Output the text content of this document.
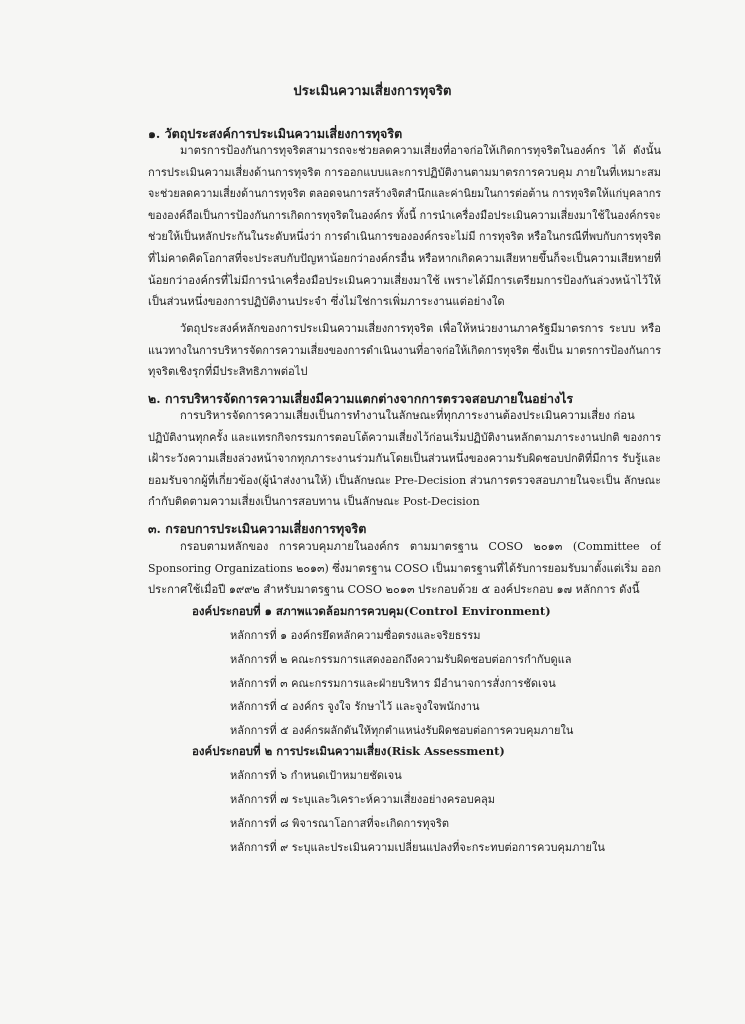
ประเมินความเสี่ยงการทุจริต
๑. วัตถุประสงค์การประเมินความเสี่ยงการทุจริต
มาตรการป้องกันการทุจริตสามารถจะช่วยลดความเสี่ยงที่อาจก่อให้เกิดการทุจริตในองค์กร ได้ ดังนั้น
การประเมินความเสี่ยงด้านการทุจริต การออกแบบและการปฏิบัติงานตามมาตรการควบคุม ภายในที่เหมาะสม
จะช่วยลดความเสี่ยงด้านการทุจริต ตลอดจนการสร้างจิตสำนึกและค่านิยมในการต่อต้าน การทุจริตให้แก่บุคลากร
ขององค์ถือเป็นการป้องกันการเกิดการทุจริตในองค์กร ทั้งนี้ การนำเครื่องมือประเมินความเสี่ยงมาใช้ในองค์กรจะ
ช่วยให้เป็นหลักประกันในระดับหนึ่งว่า การดำเนินการขององค์กรจะไม่มี การทุจริต หรือในกรณีที่พบกับการทุจริต
ที่ไม่คาดคิดโอกาสที่จะประสบกับปัญหาน้อยกว่าองค์กรอื่น หรือหากเกิดความเสียหายขึ้นก็จะเป็นความเสียหายที่
น้อยกว่าองค์กรที่ไม่มีการนำเครื่องมือประเมินความเสี่ยงมาใช้ เพราะได้มีการเตรียมการป้องกันล่วงหน้าไว้ให้
เป็นส่วนหนึ่งของการปฏิบัติงานประจำ ซึ่งไม่ใช่การเพิ่มภาระงานแต่อย่างใด
วัตถุประสงค์หลักของการประเมินความเสี่ยงการทุจริต เพื่อให้หน่วยงานภาครัฐมีมาตรการ ระบบ หรือ
แนวทางในการบริหารจัดการความเสี่ยงของการดำเนินงานที่อาจก่อให้เกิดการทุจริต ซึ่งเป็น มาตรการป้องกันการ
ทุจริตเชิงรุกที่มีประสิทธิภาพต่อไป
๒. การบริหารจัดการความเสี่ยงมีความแตกต่างจากการตรวจสอบภายในอย่างไร
การบริหารจัดการความเสี่ยงเป็นการทำงานในลักษณะที่ทุกภาระงานต้องประเมินความเสี่ยง ก่อน
ปฏิบัติงานทุกครั้ง และแทรกกิจกรรมการตอบโต้ความเสี่ยงไว้ก่อนเริ่มปฏิบัติงานหลักตามภาระงานปกติ ของการ
เฝ้าระวังความเสี่ยงล่วงหน้าจากทุกภาระงานร่วมกันโดยเป็นส่วนหนึ่งของความรับผิดชอบปกติที่มีการ รับรู้และ
ยอมรับจากผู้ที่เกี่ยวข้อง(ผู้นำส่งงานให้) เป็นลักษณะ Pre-Decision ส่วนการตรวจสอบภายในจะเป็น ลักษณะ
กำกับติดตามความเสี่ยงเป็นการสอบทาน เป็นลักษณะ Post-Decision
๓. กรอบการประเมินความเสี่ยงการทุจริต
กรอบตามหลักของ การควบคุมภายในองค์กร ตามมาตรฐาน COSO ๒๐๑๓ (Committee of
Sponsoring Organizations ๒๐๑๓) ซึ่งมาตรฐาน COSO เป็นมาตรฐานที่ได้รับการยอมรับมาตั้งแต่เริ่ม ออก
ประกาศใช้เมื่อปี ๑๙๙๒ สำหรับมาตรฐาน COSO ๒๐๑๓ ประกอบด้วย ๕ องค์ประกอบ ๑๗ หลักการ ดังนี้
องค์ประกอบที่ ๑ สภาพแวดล้อมการควบคุม(Control Environment)
หลักการที่ ๑ องค์กรยึดหลักความซื่อตรงและจริยธรรม
หลักการที่ ๒ คณะกรรมการแสดงออกถึงความรับผิดชอบต่อการกำกับดูแล
หลักการที่ ๓ คณะกรรมการและฝ่ายบริหาร มีอำนาจการสั่งการชัดเจน
หลักการที่ ๔ องค์กร จูงใจ รักษาไว้ และจูงใจพนักงาน
หลักการที่ ๕ องค์กรผลักดันให้ทุกตำแหน่งรับผิดชอบต่อการควบคุมภายใน
องค์ประกอบที่ ๒ การประเมินความเสี่ยง(Risk Assessment)
หลักการที่ ๖ กำหนดเป้าหมายชัดเจน
หลักการที่ ๗ ระบุและวิเคราะห์ความเสี่ยงอย่างครอบคลุม
หลักการที่ ๘ พิจารณาโอกาสที่จะเกิดการทุจริต
หลักการที่ ๙ ระบุและประเมินความเปลี่ยนแปลงที่จะกระทบต่อการควบคุมภายใน
